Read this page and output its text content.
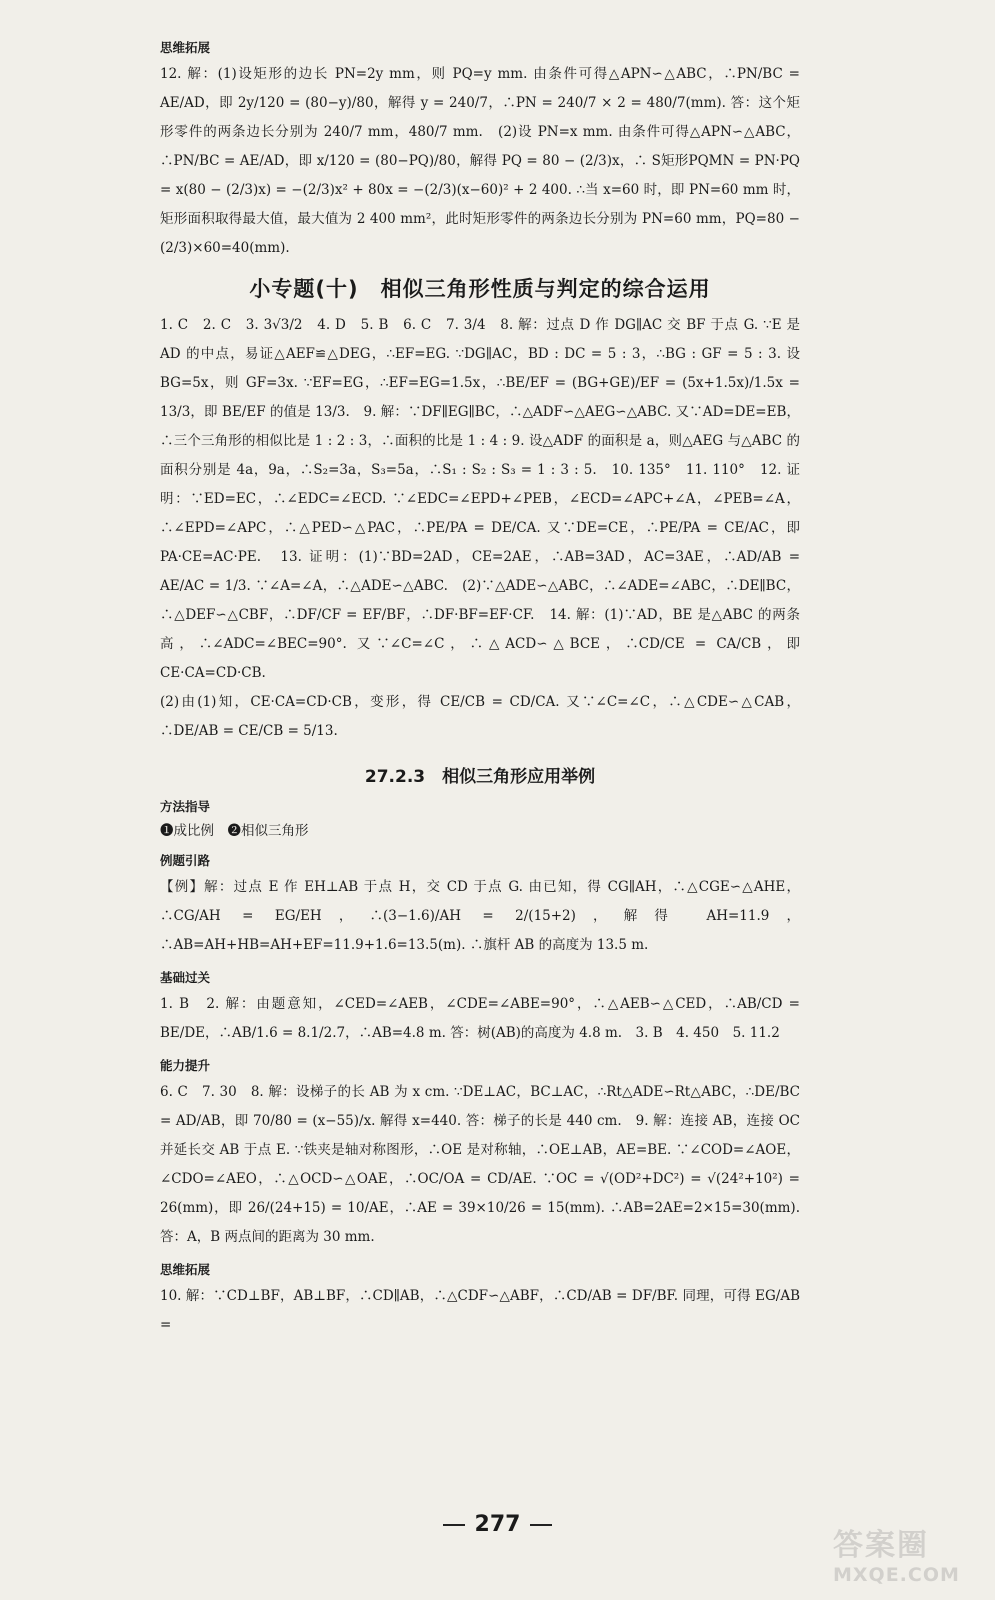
思维拓展
12. 解：(1)设矩形的边长 PN=2y mm，则 PQ=y mm. 由条件可得△APN∽△ABC，∴PN/BC = AE/AD，即 2y/120 = (80−y)/80，解得 y = 240/7，∴PN = 240/7 × 2 = 480/7(mm). 答：这个矩形零件的两条边长分别为 240/7 mm，480/7 mm.　(2)设 PN=x mm. 由条件可得△APN∽△ABC，∴PN/BC = AE/AD，即 x/120 = (80−PQ)/80，解得 PQ = 80 − (2/3)x，∴ S矩形PQMN = PN·PQ = x(80 − (2/3)x) = −(2/3)x² + 80x = −(2/3)(x−60)² + 2 400. ∴当 x=60 时，即 PN=60 mm 时，矩形面积取得最大值，最大值为 2 400 mm²，此时矩形零件的两条边长分别为 PN=60 mm，PQ=80 − (2/3)×60=40(mm).
小专题(十)　相似三角形性质与判定的综合运用
1. C　2. C　3. 3√3/2　4. D　5. B　6. C　7. 3/4　8. 解：过点 D 作 DG∥AC 交 BF 于点 G. ∵E 是 AD 的中点，易证△AEF≌△DEG，∴EF=EG. ∵DG∥AC，BD : DC = 5 : 3，∴BG : GF = 5 : 3. 设 BG=5x，则 GF=3x. ∵EF=EG，∴EF=EG=1.5x，∴BE/EF = (BG+GE)/EF = (5x+1.5x)/1.5x = 13/3，即 BE/EF 的值是 13/3.　9. 解：∵DF∥EG∥BC，∴△ADF∽△AEG∽△ABC. 又∵AD=DE=EB，∴三个三角形的相似比是 1 : 2 : 3，∴面积的比是 1 : 4 : 9. 设△ADF 的面积是 a，则△AEG 与△ABC 的面积分别是 4a，9a，∴S₂=3a，S₃=5a，∴S₁ : S₂ : S₃ = 1 : 3 : 5.　10. 135°　11. 110°　12. 证明：∵ED=EC，∴∠EDC=∠ECD. ∵∠EDC=∠EPD+∠PEB，∠ECD=∠APC+∠A，∠PEB=∠A，∴∠EPD=∠APC，∴△PED∽△PAC，∴PE/PA = DE/CA. 又∵DE=CE，∴PE/PA = CE/AC，即 PA·CE=AC·PE.　13. 证明：(1)∵BD=2AD，CE=2AE，∴AB=3AD，AC=3AE，∴AD/AB = AE/AC = 1/3. ∵∠A=∠A，∴△ADE∽△ABC.　(2)∵△ADE∽△ABC，∴∠ADE=∠ABC，∴DE∥BC，∴△DEF∽△CBF，∴DF/CF = EF/BF，∴DF·BF=EF·CF.　14. 解：(1)∵AD，BE 是△ABC 的两条高，∴∠ADC=∠BEC=90°. 又∵∠C=∠C，∴△ACD∽△BCE，∴CD/CE = CA/CB，即 CE·CA=CD·CB.
(2)由(1)知，CE·CA=CD·CB，变形，得 CE/CB = CD/CA. 又∵∠C=∠C，∴△CDE∽△CAB，∴DE/AB = CE/CB = 5/13.
27.2.3　相似三角形应用举例
方法指导
❶成比例　❷相似三角形
例题引路
【例】解：过点 E 作 EH⊥AB 于点 H，交 CD 于点 G. 由已知，得 CG∥AH，∴△CGE∽△AHE，∴CG/AH = EG/EH，∴(3−1.6)/AH = 2/(15+2)，解得 AH=11.9，∴AB=AH+HB=AH+EF=11.9+1.6=13.5(m). ∴旗杆 AB 的高度为 13.5 m.
基础过关
1. B　2. 解：由题意知，∠CED=∠AEB，∠CDE=∠ABE=90°，∴△AEB∽△CED，∴AB/CD = BE/DE，∴AB/1.6 = 8.1/2.7，∴AB=4.8 m. 答：树(AB)的高度为 4.8 m.　3. B　4. 450　5. 11.2
能力提升
6. C　7. 30　8. 解：设梯子的长 AB 为 x cm. ∵DE⊥AC，BC⊥AC，∴Rt△ADE∽Rt△ABC，∴DE/BC = AD/AB，即 70/80 = (x−55)/x. 解得 x=440. 答：梯子的长是 440 cm.　9. 解：连接 AB，连接 OC 并延长交 AB 于点 E. ∵铁夹是轴对称图形，∴OE 是对称轴，∴OE⊥AB，AE=BE. ∵∠COD=∠AOE，∠CDO=∠AEO，∴△OCD∽△OAE，∴OC/OA = CD/AE. ∵OC = √(OD²+DC²) = √(24²+10²) = 26(mm)，即 26/(24+15) = 10/AE，∴AE = 39×10/26 = 15(mm). ∴AB=2AE=2×15=30(mm). 答：A，B 两点间的距离为 30 mm.
思维拓展
10. 解：∵CD⊥BF，AB⊥BF，∴CD∥AB，∴△CDF∽△ABF，∴CD/AB = DF/BF. 同理，可得 EG/AB =
277
答案圈
MXQE.COM
